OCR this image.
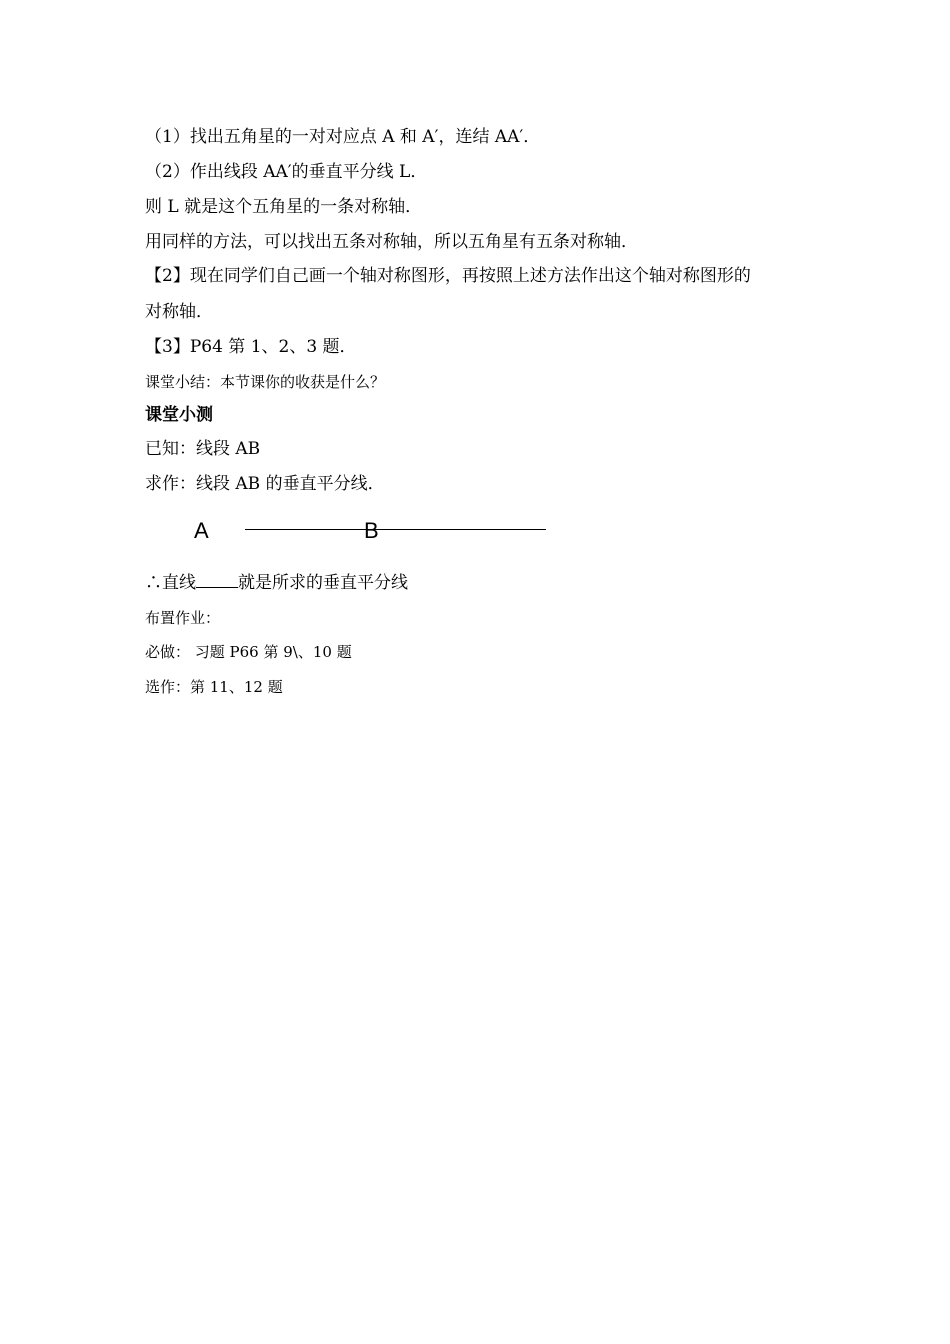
（1）找出五角星的一对对应点 A 和 A′，连结 AA′．
（2）作出线段 AA′的垂直平分线 L．
则 L 就是这个五角星的一条对称轴．
用同样的方法，可以找出五条对称轴，所以五角星有五条对称轴．
【2】现在同学们自己画一个轴对称图形，再按照上述方法作出这个轴对称图形的
对称轴．
【3】P64 第 1、2、3 题．
课堂小结：本节课你的收获是什么？
课堂小测
已知：线段 AB
求作：线段 AB 的垂直平分线．
A	B
∴直线 就是所求的垂直平分线
布置作业：
必做： 习题 P66 第 9\、10 题
选作：第 11、12 题
